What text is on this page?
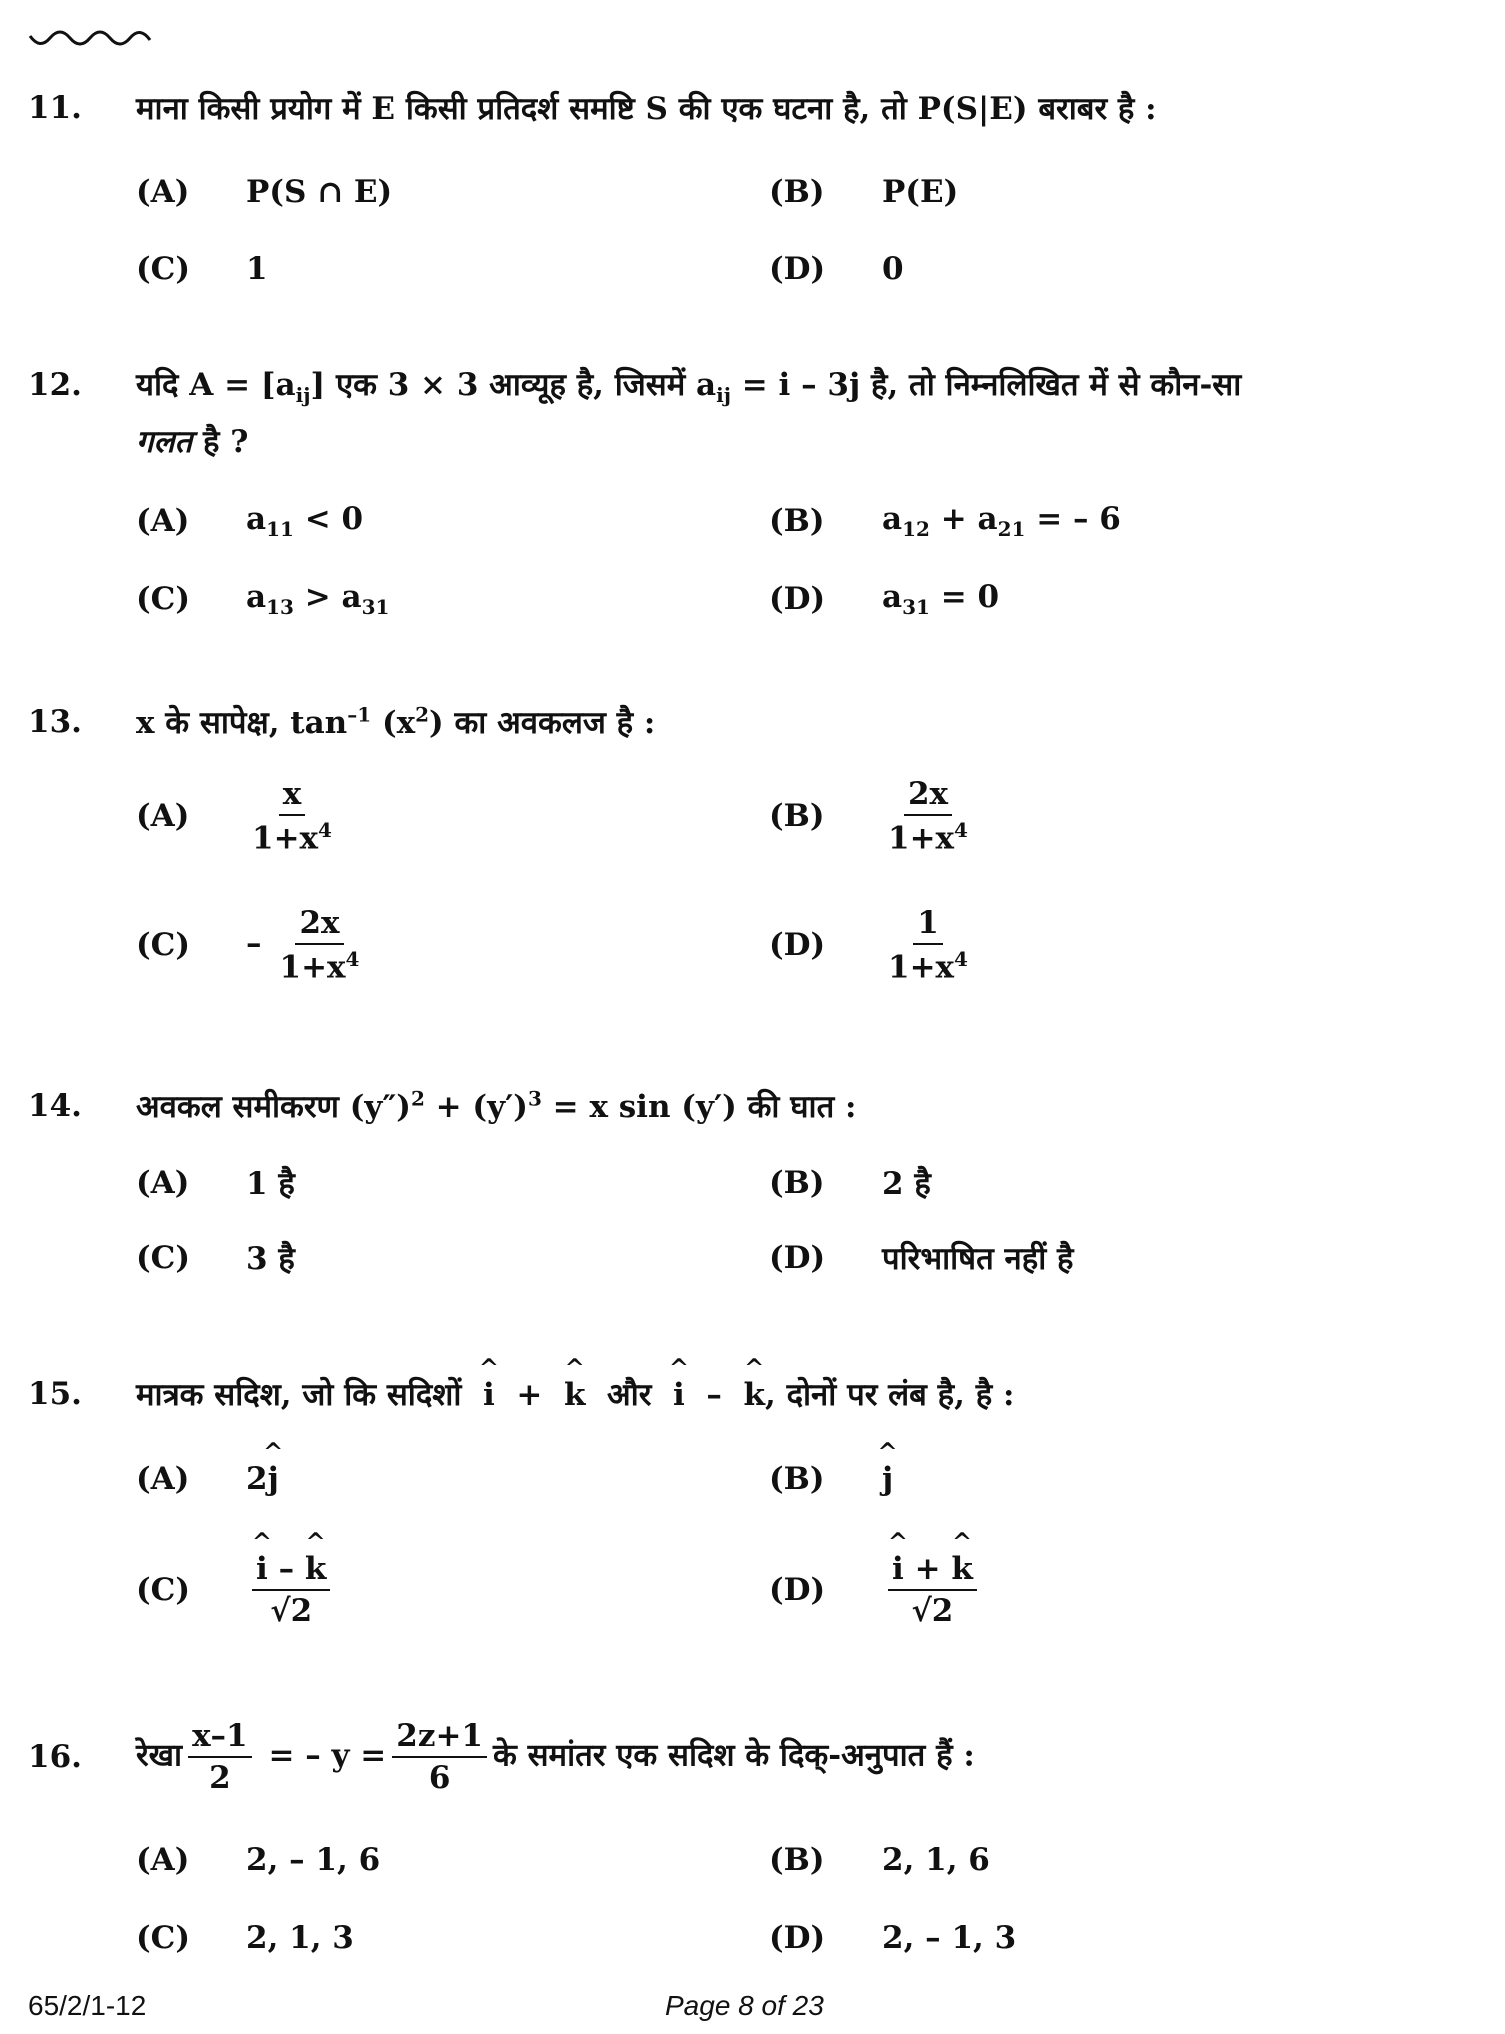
11. माना किसी प्रयोग में E किसी प्रतिदर्श समष्टि S की एक घटना है, तो P(S|E) बराबर है :
(A) P(S ∩ E)	(B) P(E)
(C) 1	(D) 0
12. यदि $A = [a_{ij}]$ एक 3 × 3 आव्यूह है, जिसमें $a_{ij} = i - 3j$ है, तो निम्नलिखित में से कौन-सा
गलत है ?
(A) $a_{11} < 0$	(B) $a_{12} + a_{21}$ = – 6
(C) $a_{13} > a_{31}$	(D) $a_{31} = 0$
13. x के सापेक्ष, $\tan^{-1} (x^2)$ का अवकलज है :
$(A) \frac{x}{1+x^4}$	$(B) \frac{2x}{1+x^4}$
$(C) - \frac{2x}{1+x^4}$	$(D) \frac{1}{1+x^4}$
14. अवकल समीकरण $(y'')^2 + (y')^3 = x$ sin (y′) की घात :
(A) 1 है	(B) 2 है
(C) 3 है	(D) परिभाषित नहीं है
15. मात्रक सदिश, जो कि सदिशों ^ i + ^ k और ^ i – ^ k, दोनों पर लंब है, है :
(A) 2^ j	(B) ^ j
(C) ^ $\frac{i - \^{} k}{√2}$	(D) ^ $\frac{i + \^{} k}{√2}$
16. रेखा $\frac{x-1}{2}$ = – $y = \frac{2z+1}{6}$ के समांतर एक सदिश के दिक्-अनुपात हैं :
(A) 2, – 1, 6	(B) 2, 1, 6
(C) 2, 1, 3	(D) 2, – 1, 3
65/2/1-12	Page 8 of 23
